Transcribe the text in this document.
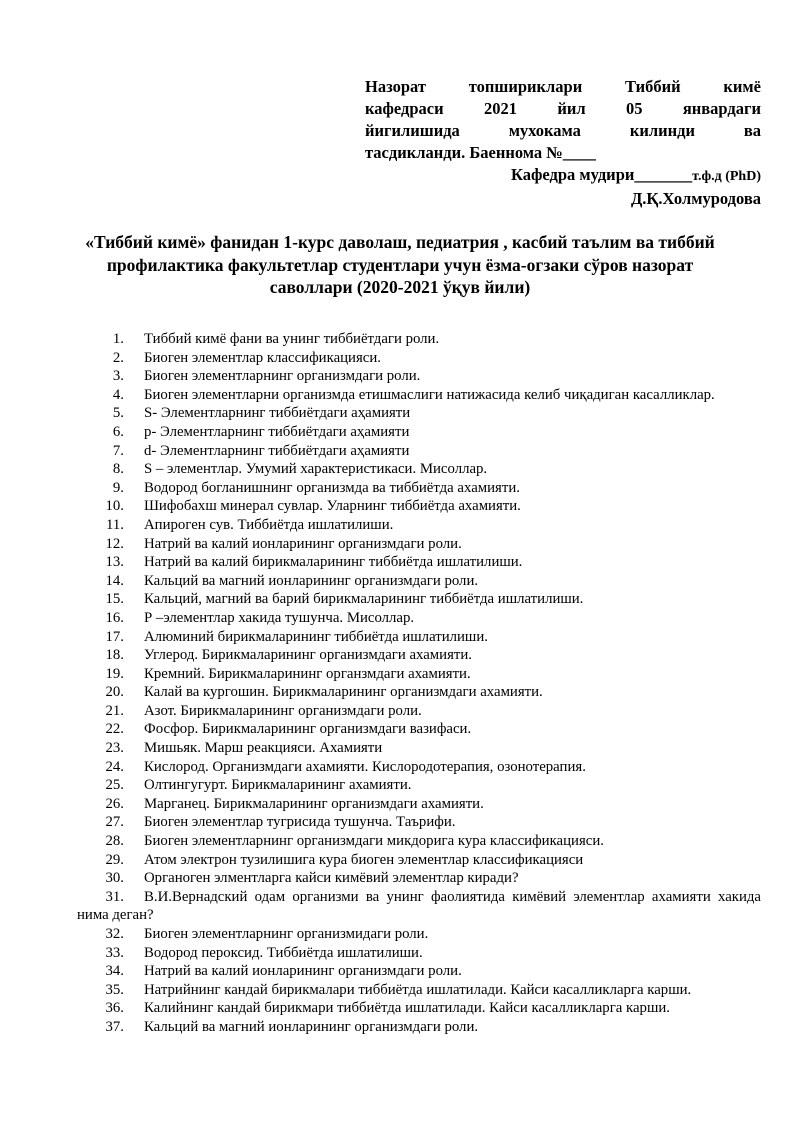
Назорат топшириклари Тиббий кимё
кафедраси 2021 йил 05 январдаги
йигилишида мухокама килинди ва
тасдикланди. Баеннома №____
Кафедра мудири_______т.ф.д (PhD)
Д.Қ.Холмуродова
«Тиббий кимё» фанидан 1-курс даволаш, педиатрия , касбий таълим ва тиббий
профилактика факультетлар студентлари учун ёзма-огзаки сўров назорат
саволлари (2020-2021 ўқув йили)
1.	Тиббий кимё фани ва унинг тиббиётдаги роли.
2.	Биоген элементлар классификацияси.
3.	Биоген элементларнинг организмдаги роли.
4.	Биоген элементларни организмда етишмаслиги натижасида келиб чиқадиган касалликлар.
5.	S- Элементларнинг тиббиётдаги аҳамияти
6.	p- Элементларнинг тиббиётдаги аҳамияти
7.	d- Элементларнинг тиббиётдаги аҳамияти
8.	S – элементлар. Умумий характеристикаси. Мисоллар.
9.	Водород богланишнинг организмда ва тиббиётда ахамияти.
10.	Шифобахш минерал сувлар. Уларнинг тиббиётда ахамияти.
11.	Апироген сув. Тиббиётда ишлатилиши.
12.	Натрий ва калий ионларининг организмдаги роли.
13.	Натрий ва калий бирикмаларининг тиббиётда ишлатилиши.
14.	Кальций ва магний ионларининг организмдаги роли.
15.	Кальций, магний ва барий бирикмаларининг тиббиётда ишлатилиши.
16.	Р –элементлар хакида тушунча. Мисоллар.
17.	Алюминий бирикмаларининг тиббиётда ишлатилиши.
18.	Углерод. Бирикмаларининг организмдаги ахамияти.
19.	Кремний. Бирикмаларининг органзмдаги ахамияти.
20.	Калай ва кургошин. Бирикмаларининг организмдаги ахамияти.
21.	Азот. Бирикмаларининг организмдаги роли.
22.	Фосфор. Бирикмаларининг организмдаги вазифаси.
23.	Мишьяк. Марш реакцияси. Ахамияти
24.	Кислород. Организмдаги ахамияти. Кислородотерапия, озонотерапия.
25.	Олтингугурт. Бирикмаларининг ахамияти.
26.	Марганец. Бирикмаларининг организмдаги ахамияти.
27.	Биоген элементлар тугрисида тушунча. Таърифи.
28.	Биоген элементларнинг организмдаги микдорига кура классификацияси.
29.	Атом электрон тузилишига кура биоген элементлар классификацияси
30.	Органоген элментларга кайси кимёвий элементлар киради?
31.	В.И.Вернадский одам организми ва унинг фаолиятида кимёвий элементлар ахамияти хакида нима деган?
32.	Биоген элементларнинг организмидаги роли.
33.	Водород пероксид. Тиббиётда ишлатилиши.
34.	Натрий ва калий ионларининг организмдаги роли.
35.	Натрийнинг кандай бирикмалари тиббиётда ишлатилади. Кайси касалликларга карши.
36.	Калийнинг кандай бирикмари тиббиётда ишлатилади. Кайси касалликларга карши.
37.	Кальций ва магний ионларининг организмдаги роли.
